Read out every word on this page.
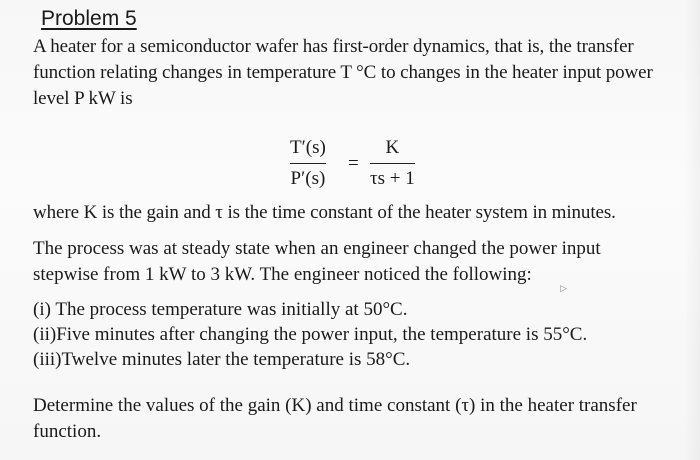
Problem 5
A heater for a semiconductor wafer has first-order dynamics, that is, the transfer
function relating changes in temperature T °C to changes in the heater input power
level P kW is
T′(s)
P′(s)
=
K
τs + 1
where K is the gain and τ is the time constant of the heater system in minutes.
The process was at steady state when an engineer changed the power input
stepwise from 1 kW to 3 kW. The engineer noticed the following:
▷
(i) The process temperature was initially at 50°C.
(ii)Five minutes after changing the power input, the temperature is 55°C.
(iii)Twelve minutes later the temperature is 58°C.
Determine the values of the gain (K) and time constant (τ) in the heater transfer
function.
